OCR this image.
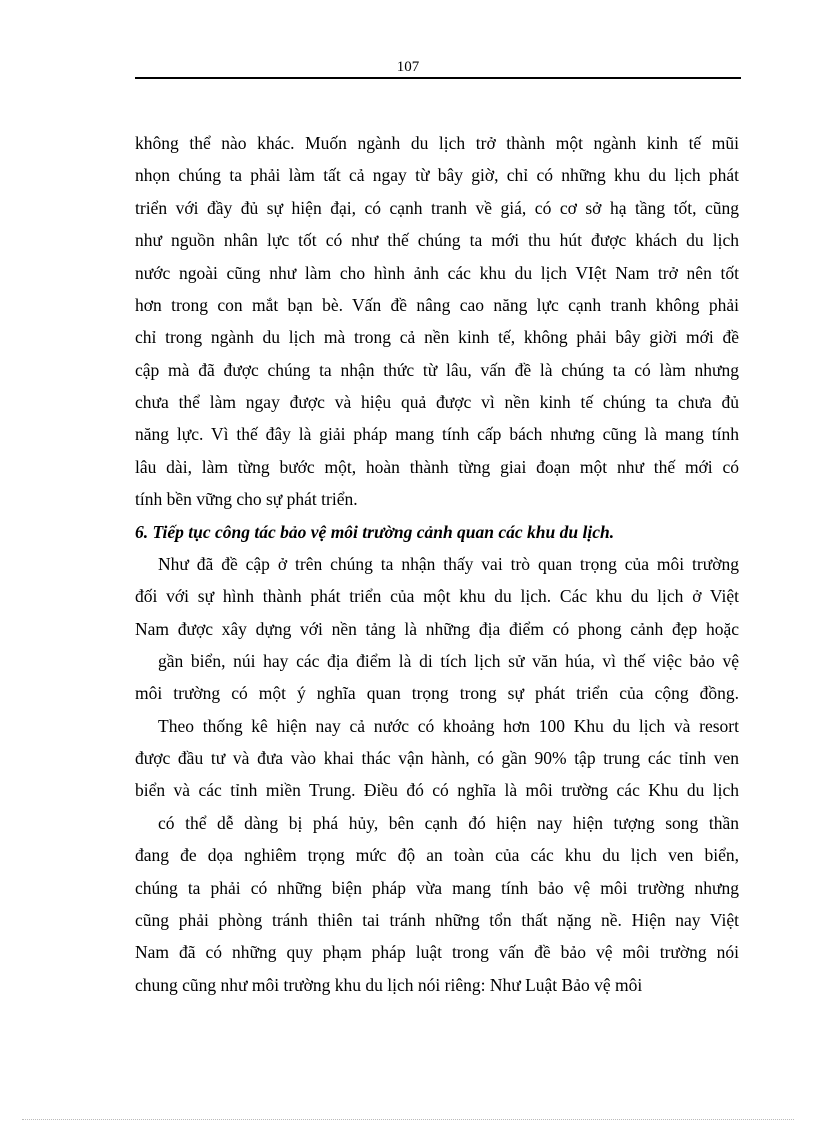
107
không thể nào khác. Muốn ngành du lịch trở thành một ngành kinh tế mũi
nhọn chúng ta phải làm tất cả ngay từ bây giờ, chỉ có những khu du lịch phát
triển với đầy đủ sự hiện đại, có cạnh tranh về giá, có cơ sở hạ tầng tốt, cũng
như nguồn nhân lực tốt có như thế chúng ta mới thu hút được khách du lịch
nước ngoài cũng như làm cho hình ảnh các khu du lịch VIệt Nam trở nên tốt
hơn trong con mắt bạn bè. Vấn đề nâng cao năng lực cạnh tranh không phải
chỉ trong ngành du lịch mà trong cả nền kinh tế, không phải bây giời mới đề
cập mà đã được chúng ta nhận thức từ lâu, vấn đề là chúng ta có làm nhưng
chưa thể làm ngay được và hiệu quả được vì nền kinh tế chúng ta chưa đủ
năng lực. Vì thế đây là giải pháp mang tính cấp bách nhưng cũng là mang tính
lâu dài, làm từng bước một, hoàn thành từng giai đoạn một như thế mới có
tính bền vững cho sự phát triển.
6. Tiếp tục công tác bảo vệ môi trường cảnh quan các khu du lịch.
Như đã đề cập ở trên chúng ta nhận thấy vai trò quan trọng của môi trường
đối với sự hình thành phát triển của một khu du lịch. Các khu du lịch ở Việt
Nam được xây dựng với nền tảng là những địa điểm có phong cảnh đẹp hoặc
gần biển, núi hay các địa điểm là di tích lịch sử văn húa, vì thế việc bảo vệ
môi trường có một ý nghĩa quan trọng trong sự phát triển của cộng đồng.
Theo thống kê hiện nay cả nước có khoảng hơn 100 Khu du lịch và resort
được đầu tư và đưa vào khai thác vận hành, có gần 90% tập trung các tỉnh ven
biển và các tỉnh miền Trung. Điều đó có nghĩa là môi trường các Khu du lịch
có thể dễ dàng bị phá hủy, bên cạnh đó hiện nay hiện tượng song thần
đang đe dọa nghiêm trọng mức độ an toàn của các khu du lịch ven biển,
chúng ta phải có những biện pháp vừa mang tính bảo vệ môi trường nhưng
cũng phải phòng tránh thiên tai tránh những tổn thất nặng nề. Hiện nay Việt
Nam đã có những quy phạm pháp luật trong vấn đề bảo vệ môi trường nói
chung cũng như môi trường khu du lịch nói riêng: Như Luật Bảo vệ môi
